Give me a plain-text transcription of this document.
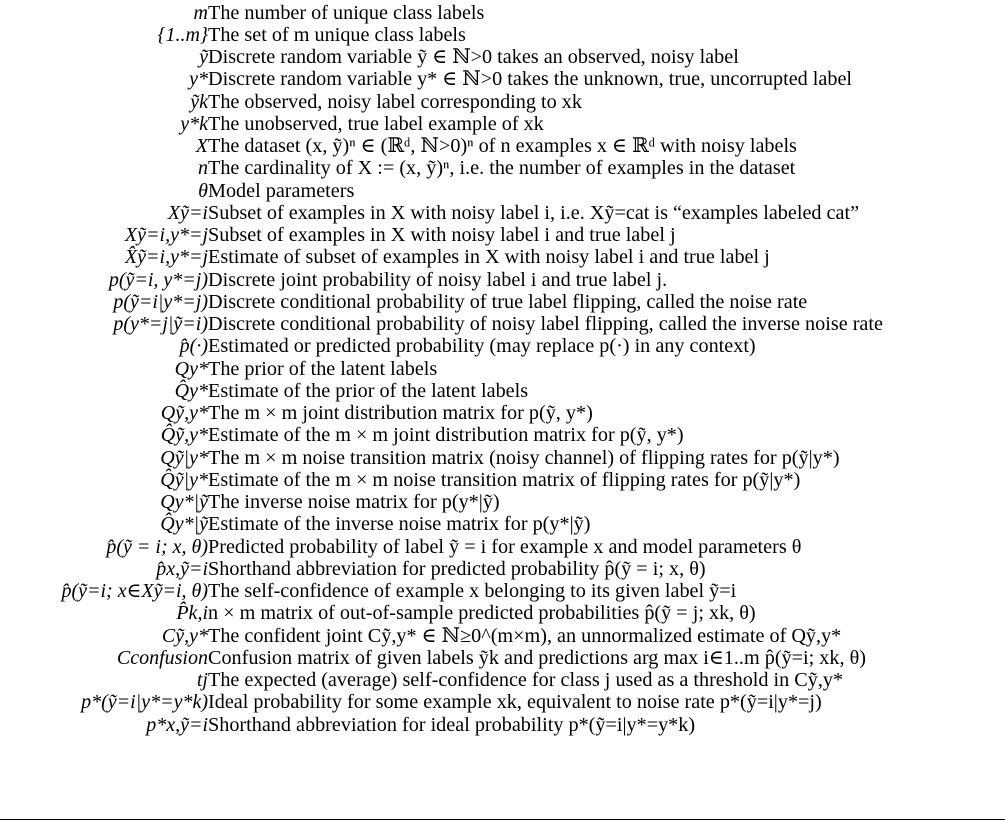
m	The number of unique class labels
{1..m}	The set of m unique class labels
ỹ	Discrete random variable ỹ ∈ ℕ>0 takes an observed, noisy label
y*	Discrete random variable y* ∈ ℕ>0 takes the unknown, true, uncorrupted label
ỹk	The observed, noisy label corresponding to xk
y*k	The unobserved, true label example of xk
X	The dataset (x, ỹ)ⁿ ∈ (ℝᵈ, ℕ>0)ⁿ of n examples x ∈ ℝᵈ with noisy labels
n	The cardinality of X := (x, ỹ)ⁿ, i.e. the number of examples in the dataset
θ	Model parameters
Xỹ=i	Subset of examples in X with noisy label i, i.e. Xỹ=cat is “examples labeled cat”
Xỹ=i,y*=j	Subset of examples in X with noisy label i and true label j
X̂ỹ=i,y*=j	Estimate of subset of examples in X with noisy label i and true label j
p(ỹ=i, y*=j)	Discrete joint probability of noisy label i and true label j.
p(ỹ=i|y*=j)	Discrete conditional probability of true label flipping, called the noise rate
p(y*=j|ỹ=i)	Discrete conditional probability of noisy label flipping, called the inverse noise rate
p̂(·)	Estimated or predicted probability (may replace p(·) in any context)
Qy*	The prior of the latent labels
Q̂y*	Estimate of the prior of the latent labels
Qỹ,y*	The m × m joint distribution matrix for p(ỹ, y*)
Q̂ỹ,y*	Estimate of the m × m joint distribution matrix for p(ỹ, y*)
Qỹ|y*	The m × m noise transition matrix (noisy channel) of flipping rates for p(ỹ|y*)
Q̂ỹ|y*	Estimate of the m × m noise transition matrix of flipping rates for p(ỹ|y*)
Qy*|ỹ	The inverse noise matrix for p(y*|ỹ)
Q̂y*|ỹ	Estimate of the inverse noise matrix for p(y*|ỹ)
p̂(ỹ = i; x, θ)	Predicted probability of label ỹ = i for example x and model parameters θ
p̂x,ỹ=i	Shorthand abbreviation for predicted probability p̂(ỹ = i; x, θ)
p̂(ỹ=i; x∈Xỹ=i, θ)	The self-confidence of example x belonging to its given label ỹ=i
P̂k,i	n × m matrix of out-of-sample predicted probabilities p̂(ỹ = j; xk, θ)
Cỹ,y*	The confident joint Cỹ,y* ∈ ℕ≥0^(m×m), an unnormalized estimate of Qỹ,y*
Cconfusion	Confusion matrix of given labels ỹk and predictions arg max i∈1..m p̂(ỹ=i; xk, θ)
tj	The expected (average) self-confidence for class j used as a threshold in Cỹ,y*
p*(ỹ=i|y*=y*k)	Ideal probability for some example xk, equivalent to noise rate p*(ỹ=i|y*=j)
p*x,ỹ=i	Shorthand abbreviation for ideal probability p*(ỹ=i|y*=y*k)
